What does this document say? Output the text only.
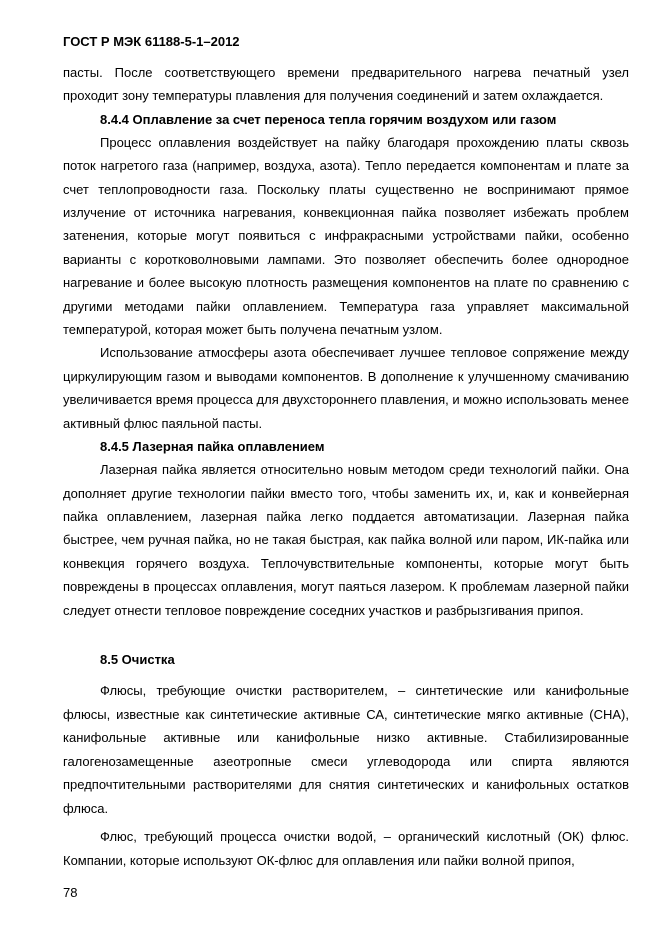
ГОСТ Р МЭК 61188-5-1–2012

пасты. После соответствующего времени предварительного нагрева печатный узел проходит зону температуры плавления для получения соединений и затем охлаждается.

8.4.4 Оплавление за счет переноса тепла горячим воздухом или газом

Процесс оплавления воздействует на пайку благодаря прохождению платы сквозь поток нагретого газа (например, воздуха, азота). Тепло передается компонентам и плате за счет теплопроводности газа. Поскольку платы существенно не воспринимают прямое излучение от источника нагревания, конвекционная пайка позволяет избежать проблем затенения, которые могут появиться с инфракрасными устройствами пайки, особенно варианты с коротковолновыми лампами. Это позволяет обеспечить более однородное нагревание и более высокую плотность размещения компонентов на плате по сравнению с другими методами пайки оплавлением. Температура газа управляет максимальной температурой, которая может быть получена печатным узлом.

Использование атмосферы азота обеспечивает лучшее тепловое сопряжение между циркулирующим газом и выводами компонентов. В дополнение к улучшенному смачиванию увеличивается время процесса для двухстороннего плавления, и можно использовать менее активный флюс паяльной пасты.

8.4.5 Лазерная пайка оплавлением

Лазерная пайка является относительно новым методом среди технологий пайки. Она дополняет другие технологии пайки вместо того, чтобы заменить их, и, как и конвейерная пайка оплавлением, лазерная пайка легко поддается автоматизации. Лазерная пайка быстрее, чем ручная пайка, но не такая быстрая, как пайка волной или паром, ИК-пайка или конвекция горячего воздуха. Теплочувствительные компоненты, которые могут быть повреждены в процессах оплавления, могут паяться лазером. К проблемам лазерной пайки следует отнести тепловое повреждение соседних участков и разбрызгивания припоя.

8.5 Очистка

Флюсы, требующие очистки растворителем, – синтетические или канифольные флюсы, известные как синтетические активные СА, синтетические мягко активные (СНА), канифольные активные или канифольные низко активные. Стабилизированные галогенозамещенные азеотропные смеси углеводорода или спирта являются предпочтительными растворителями для снятия синтетических и канифольных остатков флюса.

Флюс, требующий процесса очистки водой, – органический кислотный (ОК) флюс. Компании, которые используют ОК-флюс для оплавления или пайки волной припоя,

78
